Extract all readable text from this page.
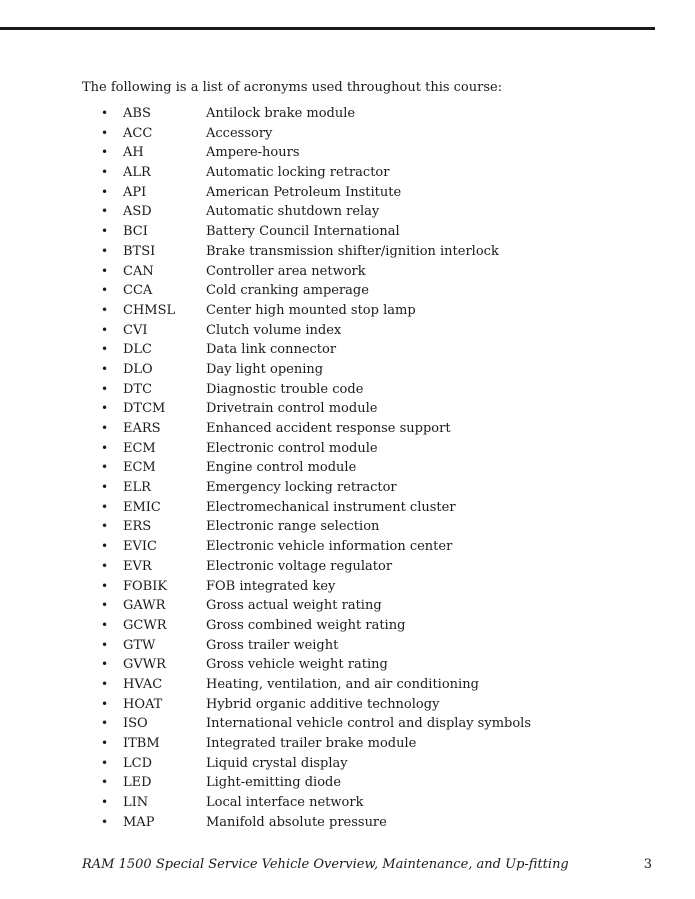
The following is a list of acronyms used throughout this course:
• ABS	Antilock brake module
• ACC	Accessory
• AH	Ampere-hours
• ALR	Automatic locking retractor
• API	American Petroleum Institute
• ASD	Automatic shutdown relay
• BCI	Battery Council International
• BTSI	Brake transmission shifter/ignition interlock
• CAN	Controller area network
• CCA	Cold cranking amperage
• CHMSL Center high mounted stop lamp
• CVI	Clutch volume index
• DLC	Data link connector
• DLO	Day light opening
• DTC	Diagnostic trouble code
• DTCM	Drivetrain control module
• EARS	Enhanced accident response support
• ECM	Electronic control module
• ECM	Engine control module
• ELR	Emergency locking retractor
• EMIC	Electromechanical instrument cluster
• ERS	Electronic range selection
• EVIC	Electronic vehicle information center
• EVR	Electronic voltage regulator
• FOBIK	FOB integrated key
• GAWR	Gross actual weight rating
• GCWR	Gross combined weight rating
• GTW	Gross trailer weight
• GVWR	Gross vehicle weight rating
• HVAC	Heating, ventilation, and air conditioning
• HOAT	Hybrid organic additive technology
• ISO	International vehicle control and display symbols
• ITBM	Integrated trailer brake module
• LCD	Liquid crystal display
• LED	Light-emitting diode
• LIN	Local interface network
• MAP	Manifold absolute pressure
RAM 1500 Special Service Vehicle Overview, Maintenance, and Up-fitting	3
